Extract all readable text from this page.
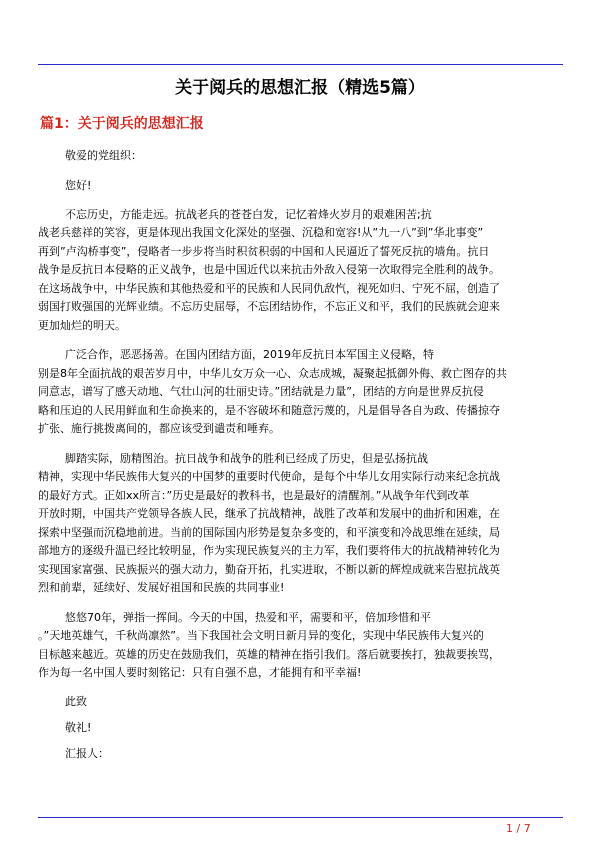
关于阅兵的思想汇报（精选5篇）
篇1：关于阅兵的思想汇报
敬爱的党组织：
您好!
不忘历史，方能走远。抗战老兵的苍苍白发，记忆着烽火岁月的艰难困苦;抗
战老兵慈祥的笑容，更是体现出我国文化深处的坚强、沉稳和宽容!从”九一八”到”华北事变”
再到”卢沟桥事变”，侵略者一步步将当时积贫积弱的中国和人民逼近了誓死反抗的墙角。抗日
战争是反抗日本侵略的正义战争，也是中国近代以来抗击外敌入侵第一次取得完全胜利的战争。
在这场战争中，中华民族和其他热爱和平的民族和人民同仇敌忾，视死如归、宁死不屈，创造了
弱国打败强国的光辉业绩。不忘历史屈辱，不忘团结协作，不忘正义和平，我们的民族就会迎来
更加灿烂的明天。
广泛合作，恶恶扬善。在国内团结方面，2019年反抗日本军国主义侵略，特
别是8年全面抗战的艰苦岁月中，中华儿女万众一心、众志成城，凝聚起抵御外侮、救亡图存的共
同意志，谱写了感天动地、气壮山河的壮丽史诗。”团结就是力量”，团结的方向是世界反抗侵
略和压迫的人民用鲜血和生命换来的，是不容破坏和随意污蔑的，凡是倡导各自为政、传播掠夺
扩张、施行挑拨离间的，都应该受到谴责和唾弃。
脚踏实际，励精图治。抗日战争和战争的胜利已经成了历史，但是弘扬抗战
精神，实现中华民族伟大复兴的中国梦的重要时代使命，是每个中华儿女用实际行动来纪念抗战
的最好方式。正如xx所言：”历史是最好的教科书，也是最好的清醒剂。”从战争年代到改革
开放时期，中国共产党领导各族人民，继承了抗战精神，战胜了改革和发展中的曲折和困难，在
探索中坚强而沉稳地前进。当前的国际国内形势是复杂多变的，和平演变和冷战思维在延续，局
部地方的逐级升温已经比较明显，作为实现民族复兴的主力军，我们要将伟大的抗战精神转化为
实现国家富强、民族振兴的强大动力，勤奋开拓，扎实进取，不断以新的辉煌成就来告慰抗战英
烈和前辈，延续好、发展好祖国和民族的共同事业!
悠悠70年，弹指一挥间。今天的中国，热爱和平，需要和平，倍加珍惜和平
。”天地英雄气，千秋尚凛然”。当下我国社会文明日新月异的变化，实现中华民族伟大复兴的
目标越来越近。英雄的历史在鼓励我们，英雄的精神在指引我们。落后就要挨打，独裁要挨骂，
作为每一名中国人要时刻铭记：只有自强不息，才能拥有和平幸福!
此致
敬礼!
汇报人：
1 / 7
